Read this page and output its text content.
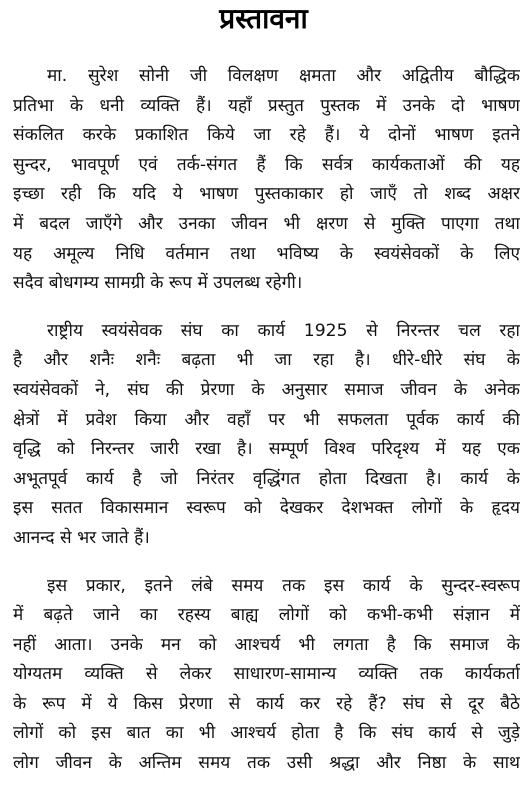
प्रस्तावना
मा. सुरेश सोनी जी विलक्षण क्षमता और अद्वितीय बौद्धिक
प्रतिभा के धनी व्यक्ति हैं। यहाँ प्रस्तुत पुस्तक में उनके दो भाषण
संकलित करके प्रकाशित किये जा रहे हैं। ये दोनों भाषण इतने
सुन्दर, भावपूर्ण एवं तर्क-संगत हैं कि सर्वत्र कार्यकताओं की यह
इच्छा रही कि यदि ये भाषण पुस्तकाकार हो जाएँ तो शब्द अक्षर
में बदल जाएँगे और उनका जीवन भी क्षरण से मुक्ति पाएगा तथा
यह अमूल्य निधि वर्तमान तथा भविष्य के स्वयंसेवकों के लिए
सदैव बोधगम्य सामग्री के रूप में उपलब्ध रहेगी।
राष्ट्रीय स्वयंसेवक संघ का कार्य 1925 से निरन्तर चल रहा
है और शनैः शनैः बढ़ता भी जा रहा है। धीरे-धीरे संघ के
स्वयंसेवकों ने, संघ की प्रेरणा के अनुसार समाज जीवन के अनेक
क्षेत्रों में प्रवेश किया और वहाँ पर भी सफलता पूर्वक कार्य की
वृद्धि को निरन्तर जारी रखा है। सम्पूर्ण विश्व परिदृश्य में यह एक
अभूतपूर्व कार्य है जो निरंतर वृद्धिंगत होता दिखता है। कार्य के
इस सतत विकासमान स्वरूप को देखकर देशभक्त लोगों के हृदय
आनन्द से भर जाते हैं।
इस प्रकार, इतने लंबे समय तक इस कार्य के सुन्दर-स्वरूप
में बढ़ते जाने का रहस्य बाह्य लोगों को कभी-कभी संज्ञान में
नहीं आता। उनके मन को आश्चर्य भी लगता है कि समाज के
योग्यतम व्यक्ति से लेकर साधारण-सामान्य व्यक्ति तक कार्यकर्ता
के रूप में ये किस प्रेरणा से कार्य कर रहे हैं? संघ से दूर बैठे
लोगों को इस बात का भी आश्चर्य होता है कि संघ कार्य से जुड़े
लोग जीवन के अन्तिम समय तक उसी श्रद्धा और निष्ठा के साथ
